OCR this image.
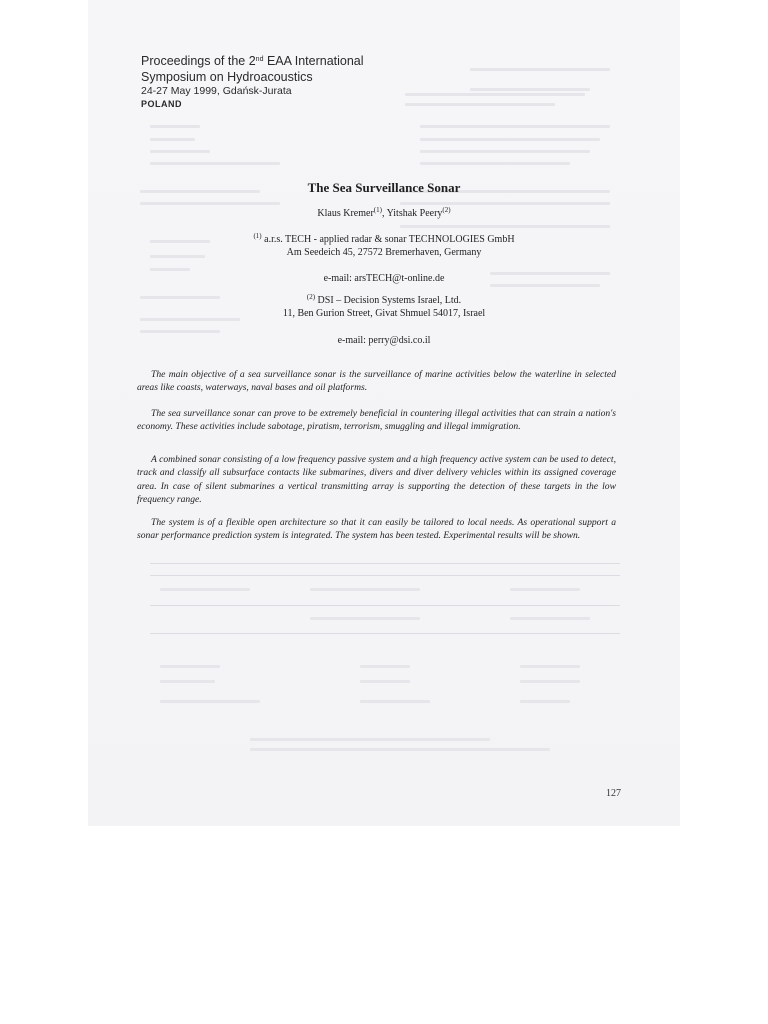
Proceedings of the 2nd EAA International
Symposium on Hydroacoustics
24-27 May 1999, Gdańsk-Jurata
POLAND
The Sea Surveillance Sonar
Klaus Kremer$^{(1)}$, Yitshak Peery$^{(2)}$
$^{(1)}$ a.r.s. TECH - applied radar & sonar TECHNOLOGIES GmbH
Am Seedeich 45, 27572 Bremerhaven, Germany
e-mail: arsTECH@t-online.de
$^{(2)}$ DSI – Decision Systems Israel, Ltd.
11, Ben Gurion Street, Givat Shmuel 54017, Israel
e-mail: perry@dsi.co.il

The main objective of a sea surveillance sonar is the surveillance of marine activities below the waterline in selected areas like coasts, waterways, naval bases and oil platforms.

The sea surveillance sonar can prove to be extremely beneficial in countering illegal activities that can strain a nation's economy. These activities include sabotage, piratism, terrorism, smuggling and illegal immigration.

A combined sonar consisting of a low frequency passive system and a high frequency active system can be used to detect, track and classify all subsurface contacts like submarines, divers and diver delivery vehicles within its assigned coverage area. In case of silent submarines a vertical transmitting array is supporting the detection of these targets in the low frequency range.

The system is of a flexible open architecture so that it can easily be tailored to local needs. As operational support a sonar performance prediction system is integrated. The system has been tested. Experimental results will be shown.

127
